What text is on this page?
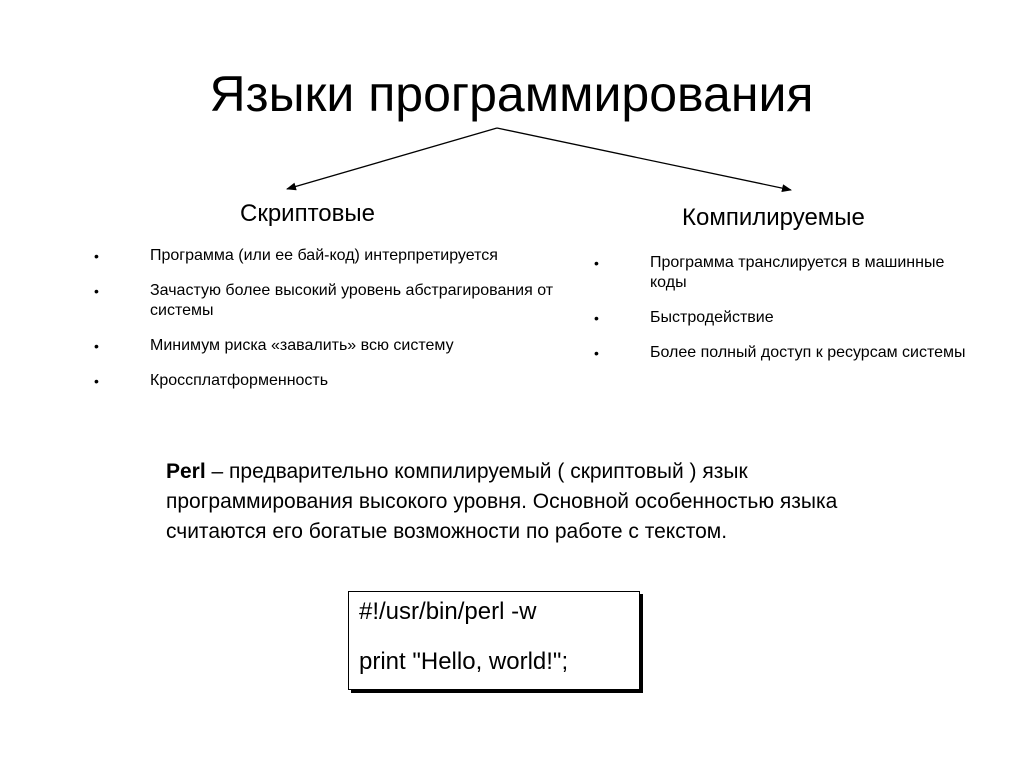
Языки программирования
Скриптовые
•	Программа (или ее бай-код) интерпретируется
•	Зачастую более высокий уровень абстрагирования от системы
•	Минимум риска «завалить» всю систему
•	Кроссплатформенность
Компилируемые
•	Программа транслируется в машинные коды
•	Быстродействие
•	Более полный доступ к ресурсам системы

Perl – предварительно компилируемый ( скриптовый ) язык программирования высокого уровня. Основной особенностью языка считаются его богатые возможности по работе с текстом.

#!/usr/bin/perl -w
print "Hello, world!";
